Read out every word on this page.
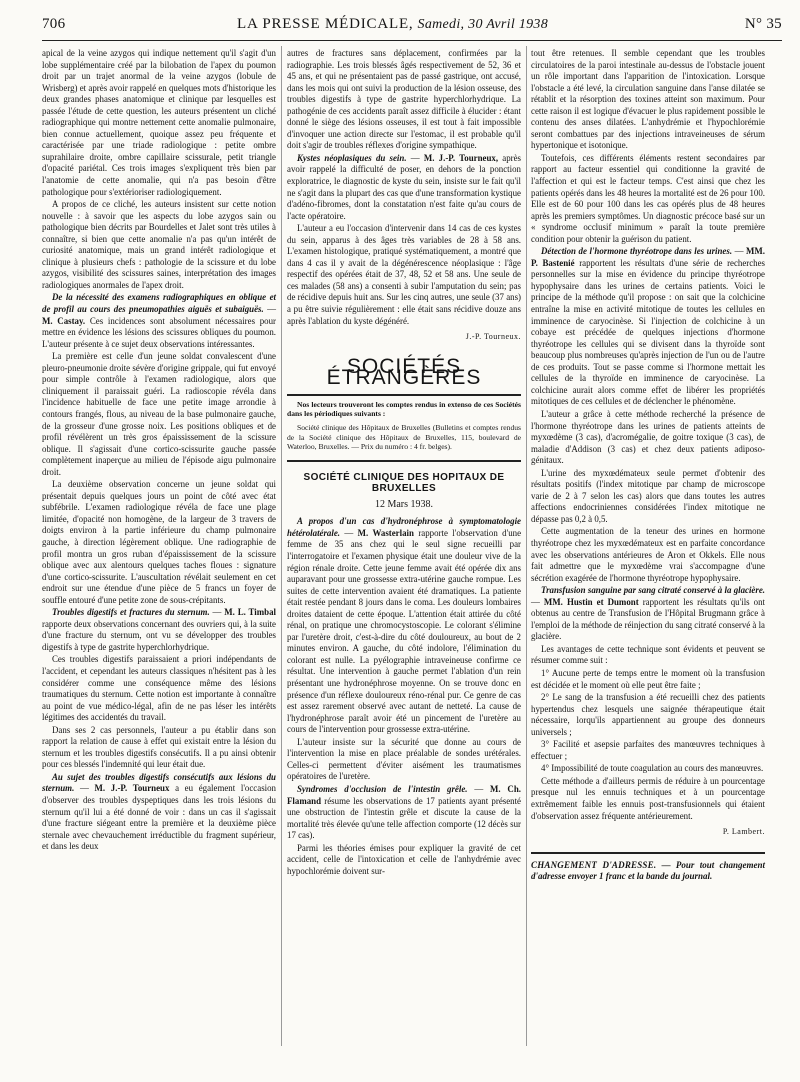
706	LA PRESSE MÉDICALE, Samedi, 30 Avril 1938	N° 35

apical de la veine azygos qui indique nettement qu'il s'agit d'un lobe supplémentaire créé par la bilobation de l'apex du poumon droit par un trajet anormal de la veine azygos (lobule de Wrisberg) et après avoir rappelé en quelques mots d'historique les deux grandes phases anatomique et clinique par lesquelles est passée l'étude de cette question, les auteurs présentent un cliché radiographique qui montre nettement cette anomalie pulmonaire, bien connue actuellement, quoique assez peu fréquente et caractérisée par une triade radiologique : petite ombre suprahilaire droite, ombre capillaire scissurale, petit triangle d'opacité pariétal. Ces trois images s'expliquent très bien par l'anatomie de cette anomalie, qui n'a pas besoin d'être pathologique pour s'extérioriser radiologiquement.

A propos de ce cliché, les auteurs insistent sur cette notion nouvelle : à savoir que les aspects du lobe azygos sain ou pathologique bien décrits par Bourdelles et Jalet sont très utiles à connaître, si bien que cette anomalie n'a pas qu'un intérêt de curiosité anatomique, mais un grand intérêt radiologique et clinique à plusieurs chefs : pathologie de la scissure et du lobe azygos, visibilité des scissures saines, interprétation des images radiologiques anormales de l'apex droit.

De la nécessité des examens radiographiques en oblique et de profil au cours des pneumopathies aiguës et subaiguës. — M. Castay. Ces incidences sont absolument nécessaires pour mettre en évidence les lésions des scissures obliques du poumon. L'auteur présente à ce sujet deux observations intéressantes.

La première est celle d'un jeune soldat convalescent d'une pleuro-pneumonie droite sévère d'origine grippale, qui fut envoyé pour simple contrôle à l'examen radiologique, alors que cliniquement il paraissait guéri. La radioscopie révéla dans l'incidence habituelle de face une petite image arrondie à contours frangés, flous, au niveau de la base pulmonaire gauche, de la grosseur d'une grosse noix. Les positions obliques et de profil révélèrent un très gros épaississement de la scissure oblique. Il s'agissait d'une cortico-scissurite gauche passée complètement inaperçue au milieu de l'épisode aigu pulmonaire droit.

La deuxième observation concerne un jeune soldat qui présentait depuis quelques jours un point de côté avec état subfébrile. L'examen radiologique révéla de face une plage limitée, d'opacité non homogène, de la largeur de 3 travers de doigts environ à la partie inférieure du champ pulmonaire gauche, à direction légèrement oblique. Une radiographie de profil montra un gros ruban d'épaississement de la scissure oblique avec aux alentours quelques taches floues : signature d'une cortico-scissurite. L'auscultation révélait seulement en cet endroit sur une étendue d'une pièce de 5 francs un foyer de souffle entouré d'une petite zone de sous-crépitants.

Troubles digestifs et fractures du sternum. — M. L. Timbal rapporte deux observations concernant des ouvriers qui, à la suite d'une fracture du sternum, ont vu se développer des troubles digestifs à type de gastrite hyperchlorhydrique.

Ces troubles digestifs paraissaient a priori indépendants de l'accident, et cependant les auteurs classiques n'hésitent pas à les considérer comme une conséquence même des lésions traumatiques du sternum. Cette notion est importante à connaître au point de vue médico-légal, afin de ne pas léser les intérêts légitimes des accidentés du travail.

Dans ses 2 cas personnels, l'auteur a pu établir dans son rapport la relation de cause à effet qui existait entre la lésion du sternum et les troubles digestifs consécutifs. Il a pu ainsi obtenir pour ces blessés l'indemnité qui leur était due.

Au sujet des troubles digestifs consécutifs aux lésions du sternum. — M. J.-P. Tourneux a eu également l'occasion d'observer des troubles dyspeptiques dans les trois lésions du sternum qu'il lui a été donné de voir : dans un cas il s'agissait d'une fracture siégeant entre la première et la deuxième pièce sternale avec chevauchement irréductible du fragment supérieur, et dans les deux

autres de fractures sans déplacement, confirmées par la radiographie. Les trois blessés âgés respectivement de 52, 36 et 45 ans, et qui ne présentaient pas de passé gastrique, ont accusé, dans les mois qui ont suivi la production de la lésion osseuse, des troubles digestifs à type de gastrite hyperchlorhydrique. La pathogénie de ces accidents paraît assez difficile à élucider : étant donné le siège des lésions osseuses, il est tout à fait impossible d'invoquer une action directe sur l'estomac, il est probable qu'il doit s'agir de troubles réflexes d'origine sympathique.

Kystes néoplasiques du sein. — M. J.-P. Tourneux, après avoir rappelé la difficulté de poser, en dehors de la ponction exploratrice, le diagnostic de kyste du sein, insiste sur le fait qu'il ne s'agit dans la plupart des cas que d'une transformation kystique d'adéno-fibromes, dont la constatation n'est faite qu'au cours de l'acte opératoire.

L'auteur a eu l'occasion d'intervenir dans 14 cas de ces kystes du sein, apparus à des âges très variables de 28 à 58 ans. L'examen histologique, pratiqué systématiquement, a montré que dans 4 cas il y avait de la dégénérescence néoplasique : l'âge respectif des opérées était de 37, 48, 52 et 58 ans. Une seule de ces malades (58 ans) a consenti à subir l'amputation du sein; pas de récidive depuis huit ans. Sur les cinq autres, une seule (37 ans) a pu être suivie régulièrement : elle était sans récidive douze ans après l'ablation du kyste dégénéré.

J.-P. Tourneux.

SOCIÉTÉS ÉTRANGÈRES

Nos lecteurs trouveront les comptes rendus in extenso de ces Sociétés dans les périodiques suivants :

Société clinique des Hôpitaux de Bruxelles (Bulletins et comptes rendus de la Société clinique des Hôpitaux de Bruxelles, 115, boulevard de Waterloo, Bruxelles. — Prix du numéro : 4 fr. belges).

SOCIÉTÉ CLINIQUE DES HOPITAUX DE BRUXELLES
12 Mars 1938.

A propos d'un cas d'hydronéphrose à symptomatologie hétérolatérale. — M. Wasterlain rapporte l'observation d'une femme de 35 ans chez qui le seul signe recueilli par l'interrogatoire et l'examen physique était une douleur vive de la région rénale droite. Cette jeune femme avait été opérée dix ans auparavant pour une grossesse extra-utérine gauche rompue. Les suites de cette intervention avaient été dramatiques. La patiente était restée pendant 8 jours dans le coma. Les douleurs lombaires droites dataient de cette époque. L'attention était attirée du côté rénal, on pratique une chromocystoscopie. Le colorant s'élimine par l'uretère droit, c'est-à-dire du côté douloureux, au bout de 2 minutes environ. A gauche, du côté indolore, l'élimination du colorant est nulle. La pyélographie intraveineuse confirme ce résultat. Une intervention à gauche permet l'ablation d'un rein présentant une hydronéphrose moyenne. On se trouve donc en présence d'un réflexe douloureux réno-rénal pur. Ce genre de cas est assez rarement observé avec autant de netteté. La cause de l'hydronéphrose paraît avoir été un pincement de l'uretère au cours de l'intervention pour grossesse extra-utérine.

L'auteur insiste sur la sécurité que donne au cours de l'intervention la mise en place préalable de sondes urétérales. Celles-ci permettent d'éviter aisément les traumatismes opératoires de l'uretère.

Syndromes d'occlusion de l'intestin grêle. — M. Ch. Flamand résume les observations de 17 patients ayant présenté une obstruction de l'intestin grêle et discute la cause de la mortalité très élevée qu'une telle affection comporte (12 décès sur 17 cas).

Parmi les théories émises pour expliquer la gravité de cet accident, celle de l'intoxication et celle de l'anhydrémie avec hypochlorémie doivent sur-

tout être retenues. Il semble cependant que les troubles circulatoires de la paroi intestinale au-dessus de l'obstacle jouent un rôle important dans l'apparition de l'intoxication. Lorsque l'obstacle a été levé, la circulation sanguine dans l'anse dilatée se rétablit et la résorption des toxines atteint son maximum. Pour cette raison il est logique d'évacuer le plus rapidement possible le contenu des anses dilatées. L'anhydrémie et l'hypochlorémie seront combattues par des injections intraveineuses de sérum hypertonique et isotonique.

Toutefois, ces différents éléments restent secondaires par rapport au facteur essentiel qui conditionne la gravité de l'affection et qui est le facteur temps. C'est ainsi que chez les patients opérés dans les 48 heures la mortalité est de 26 pour 100. Elle est de 60 pour 100 dans les cas opérés plus de 48 heures après les premiers symptômes. Un diagnostic précoce basé sur un « syndrome occlusif minimum » paraît la toute première condition pour obtenir la guérison du patient.

Détection de l'hormone thyréotrope dans les urines. — MM. P. Bastenié rapportent les résultats d'une série de recherches personnelles sur la mise en évidence du principe thyréotrope hypophysaire dans les urines de certains patients. Voici le principe de la méthode qu'il propose : on sait que la colchicine entraîne la mise en activité mitotique de toutes les cellules en imminence de caryocinèse. Si l'injection de colchicine à un cobaye est précédée de quelques injections d'hormone thyréotrope les cellules qui se divisent dans la thyroïde sont beaucoup plus nombreuses qu'après injection de l'un ou de l'autre de ces produits. Tout se passe comme si l'hormone mettait les cellules de la thyroïde en imminence de caryocinèse. La colchicine aurait alors comme effet de libérer les propriétés mitotiques de ces cellules et de déclencher le phénomène.

L'auteur a grâce à cette méthode recherché la présence de l'hormone thyréotrope dans les urines de patients atteints de myxœdème (3 cas), d'acromégalie, de goitre toxique (3 cas), de maladie d'Addison (3 cas) et chez deux patients adiposo-génitaux.

L'urine des myxœdémateux seule permet d'obtenir des résultats positifs (l'index mitotique par champ de microscope varie de 2 à 7 selon les cas) alors que dans toutes les autres affections endocriniennes considérées l'index mitotique ne dépasse pas 0,2 à 0,5.

Cette augmentation de la teneur des urines en hormone thyréotrope chez les myxœdémateux est en parfaite concordance avec les observations antérieures de Aron et Okkels. Elle nous fait admettre que le myxœdème vrai s'accompagne d'une sécrétion exagérée de l'hormone thyréotrope hypophysaire.

Transfusion sanguine par sang citraté conservé à la glacière. — MM. Hustin et Dumont rapportent les résultats qu'ils ont obtenus au centre de Transfusion de l'Hôpital Brugmann grâce à l'emploi de la méthode de réinjection du sang citraté conservé à la glacière.

Les avantages de cette technique sont évidents et peuvent se résumer comme suit :

1° Aucune perte de temps entre le moment où la transfusion est décidée et le moment où elle peut être faite ;

2° Le sang de la transfusion a été recueilli chez des patients hypertendus chez lesquels une saignée thérapeutique était nécessaire, lorqu'ils appartiennent au groupe des donneurs universels ;

3° Facilité et asepsie parfaites des manœuvres techniques à effectuer ;

4° Impossibilité de toute coagulation au cours des manœuvres.

Cette méthode a d'ailleurs permis de réduire à un pourcentage presque nul les ennuis techniques et à un pourcentage extrêmement faible les ennuis post-transfusionnels qui étaient d'observation assez fréquente antérieurement.

P. Lambert.

CHANGEMENT D'ADRESSE. — Pour tout changement d'adresse envoyer 1 franc et la bande du journal.
